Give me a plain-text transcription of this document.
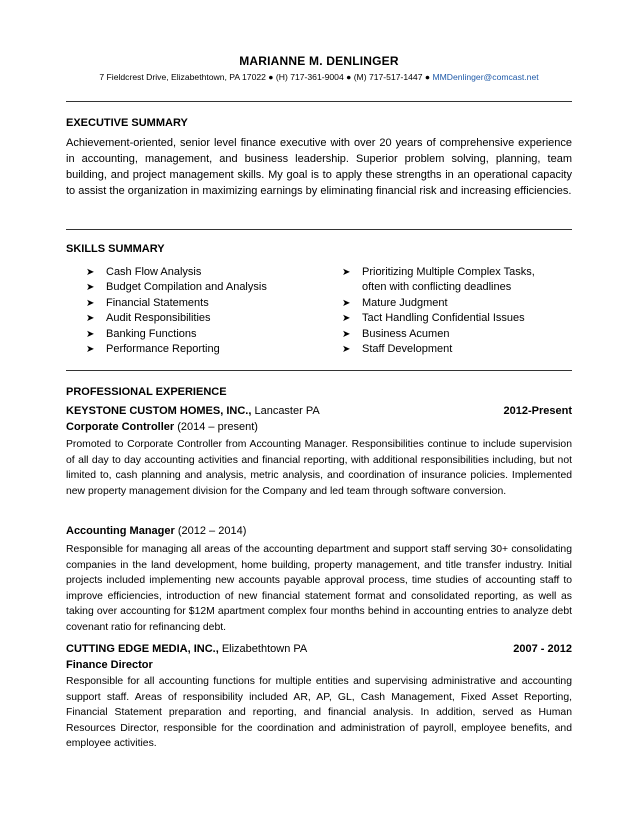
MARIANNE M. DENLINGER
7 Fieldcrest Drive, Elizabethtown, PA 17022 ● (H) 717-361-9004 ● (M) 717-517-1447 ● MMDenlinger@comcast.net
EXECUTIVE SUMMARY
Achievement-oriented, senior level finance executive with over 20 years of comprehensive experience in accounting, management, and business leadership. Superior problem solving, planning, team building, and project management skills. My goal is to apply these strengths in an operational capacity to assist the organization in maximizing earnings by eliminating financial risk and increasing efficiencies.
SKILLS SUMMARY
➤ Cash Flow Analysis
➤ Budget Compilation and Analysis
➤ Financial Statements
➤ Audit Responsibilities
➤ Banking Functions
➤ Performance Reporting
➤ Prioritizing Multiple Complex Tasks,
often with conflicting deadlines
➤ Mature Judgment
➤ Tact Handling Confidential Issues
➤ Business Acumen
➤ Staff Development
PROFESSIONAL EXPERIENCE
KEYSTONE CUSTOM HOMES, INC., Lancaster PA	2012-Present
Corporate Controller (2014 – present)
Promoted to Corporate Controller from Accounting Manager. Responsibilities continue to include supervision of all day to day accounting activities and financial reporting, with additional responsibilities including, but not limited to, cash planning and analysis, metric analysis, and coordination of insurance policies. Implemented new property management division for the Company and led team through software conversion.
Accounting Manager (2012 – 2014)
Responsible for managing all areas of the accounting department and support staff serving 30+ consolidating companies in the land development, home building, property management, and title transfer industry. Initial projects included implementing new accounts payable approval process, time studies of accounting staff to improve efficiencies, introduction of new financial statement format and consolidated reporting, as well as taking over accounting for $12M apartment complex four months behind in accounting entries to analyze debt covenant ratio for refinancing debt.
CUTTING EDGE MEDIA, INC., Elizabethtown PA	2007 - 2012
Finance Director
Responsible for all accounting functions for multiple entities and supervising administrative and accounting support staff. Areas of responsibility included AR, AP, GL, Cash Management, Fixed Asset Reporting, Financial Statement preparation and reporting, and financial analysis. In addition, served as Human Resources Director, responsible for the coordination and administration of payroll, employee benefits, and employee activities.
